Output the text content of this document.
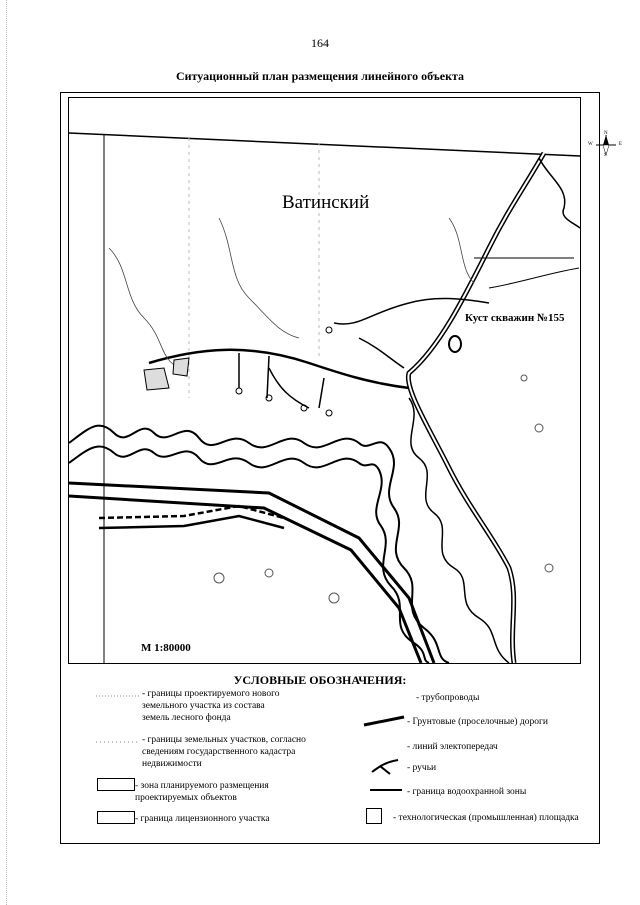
164
Ситуационный план размещения линейного объекта
Ватинский
Куст скважин №155
М 1:80000
N
S
W	E
УСЛОВНЫЕ ОБОЗНАЧЕНИЯ:
- границы проектируемого нового
земельного участка из состава
земель лесного фонда
- границы земельных участков, согласно
сведениям государственного кадастра
недвижимости
- зона планируемого размещения
проектируемых объектов
- граница лицензионного участка
- трубопроводы
- Грунтовые (проселочные) дороги
- линий электопередач
- ручьи
- граница водоохранной зоны
- технологическая (промышленная) площадка
